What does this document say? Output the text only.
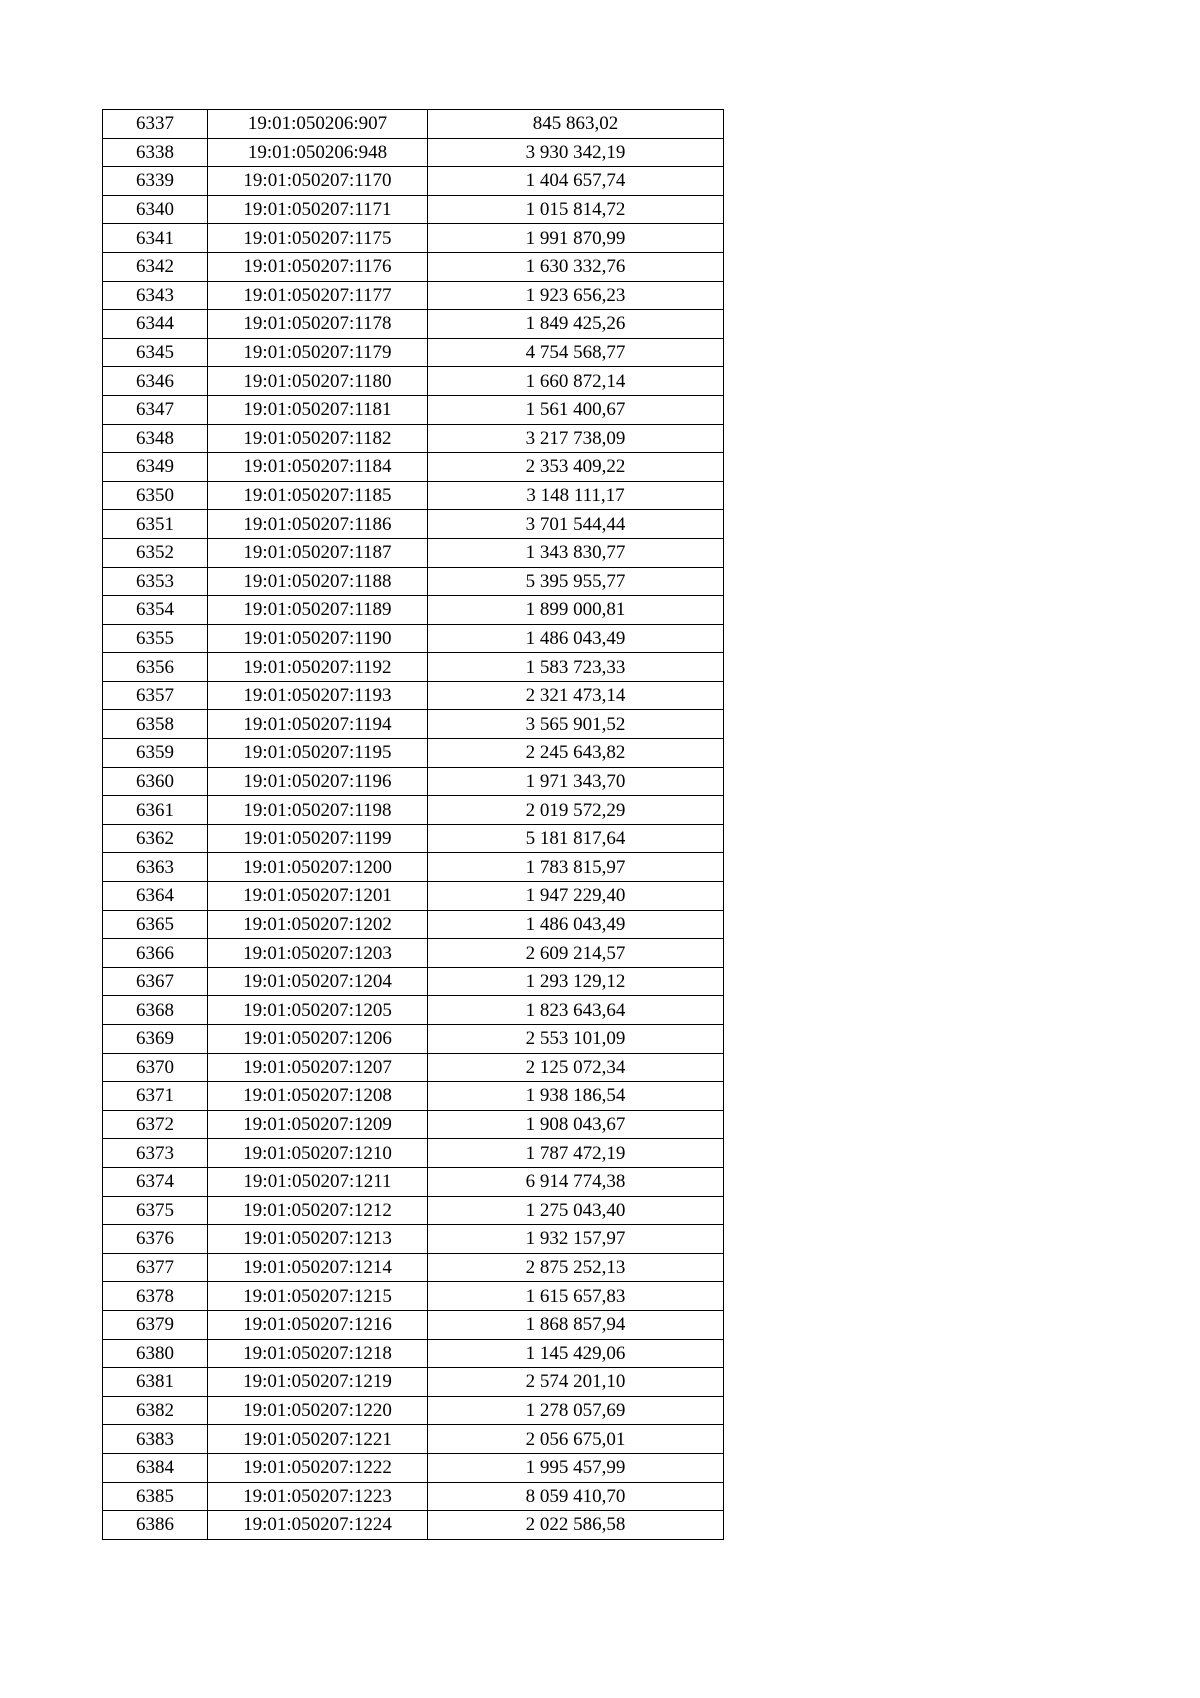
6337	19:01:050206:907	845 863,02
6338	19:01:050206:948	3 930 342,19
6339	19:01:050207:1170	1 404 657,74
6340	19:01:050207:1171	1 015 814,72
6341	19:01:050207:1175	1 991 870,99
6342	19:01:050207:1176	1 630 332,76
6343	19:01:050207:1177	1 923 656,23
6344	19:01:050207:1178	1 849 425,26
6345	19:01:050207:1179	4 754 568,77
6346	19:01:050207:1180	1 660 872,14
6347	19:01:050207:1181	1 561 400,67
6348	19:01:050207:1182	3 217 738,09
6349	19:01:050207:1184	2 353 409,22
6350	19:01:050207:1185	3 148 111,17
6351	19:01:050207:1186	3 701 544,44
6352	19:01:050207:1187	1 343 830,77
6353	19:01:050207:1188	5 395 955,77
6354	19:01:050207:1189	1 899 000,81
6355	19:01:050207:1190	1 486 043,49
6356	19:01:050207:1192	1 583 723,33
6357	19:01:050207:1193	2 321 473,14
6358	19:01:050207:1194	3 565 901,52
6359	19:01:050207:1195	2 245 643,82
6360	19:01:050207:1196	1 971 343,70
6361	19:01:050207:1198	2 019 572,29
6362	19:01:050207:1199	5 181 817,64
6363	19:01:050207:1200	1 783 815,97
6364	19:01:050207:1201	1 947 229,40
6365	19:01:050207:1202	1 486 043,49
6366	19:01:050207:1203	2 609 214,57
6367	19:01:050207:1204	1 293 129,12
6368	19:01:050207:1205	1 823 643,64
6369	19:01:050207:1206	2 553 101,09
6370	19:01:050207:1207	2 125 072,34
6371	19:01:050207:1208	1 938 186,54
6372	19:01:050207:1209	1 908 043,67
6373	19:01:050207:1210	1 787 472,19
6374	19:01:050207:1211	6 914 774,38
6375	19:01:050207:1212	1 275 043,40
6376	19:01:050207:1213	1 932 157,97
6377	19:01:050207:1214	2 875 252,13
6378	19:01:050207:1215	1 615 657,83
6379	19:01:050207:1216	1 868 857,94
6380	19:01:050207:1218	1 145 429,06
6381	19:01:050207:1219	2 574 201,10
6382	19:01:050207:1220	1 278 057,69
6383	19:01:050207:1221	2 056 675,01
6384	19:01:050207:1222	1 995 457,99
6385	19:01:050207:1223	8 059 410,70
6386	19:01:050207:1224	2 022 586,58
